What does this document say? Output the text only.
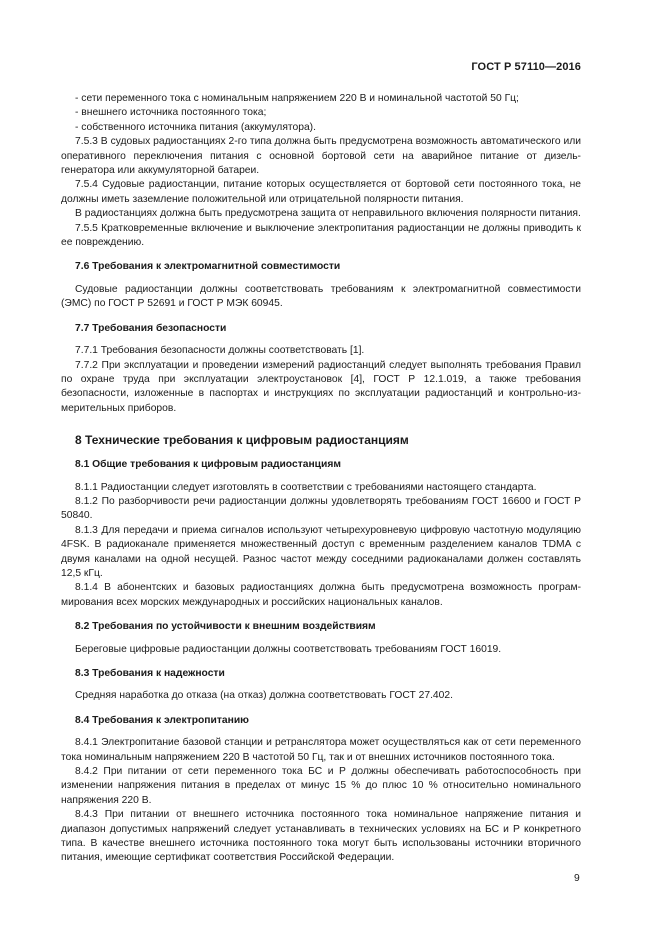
ГОСТ Р 57110—2016

- сети переменного тока с номинальным напряжением 220 В и номинальной частотой 50 Гц;

- внешнего источника постоянного тока;

- собственного источника питания (аккумулятора).

7.5.3 В судовых радиостанциях 2-го типа должна быть предусмотрена возможность автоматического или оперативного переключения питания с основной бортовой сети на аварийное питание от дизель-генератора или аккумуляторной батареи.

7.5.4 Судовые радиостанции, питание которых осуществляется от бортовой сети постоянного тока, не должны иметь заземление положительной или отрицательной полярности питания.

В радиостанциях должна быть предусмотрена защита от неправильного включения полярности питания.

7.5.5 Кратковременные включение и выключение электропитания радиостанции не должны приводить к ее повреждению.

7.6 Требования к электромагнитной совместимости

Судовые радиостанции должны соответствовать требованиям к электромагнитной совместимости (ЭМС) по ГОСТ Р 52691 и ГОСТ Р МЭК 60945.

7.7 Требования безопасности

7.7.1 Требования безопасности должны соответствовать [1].

7.7.2 При эксплуатации и проведении измерений радиостанций следует выполнять требования Правил по охране труда при эксплуатации электроустановок [4], ГОСТ Р 12.1.019, а также требования безопасности, изложенные в паспортах и инструкциях по эксплуатации радиостанций и контрольно-измерительных приборов.

8 Технические требования к цифровым радиостанциям

8.1 Общие требования к цифровым радиостанциям

8.1.1 Радиостанции следует изготовлять в соответствии с требованиями настоящего стандарта.

8.1.2 По разборчивости речи радиостанции должны удовлетворять требованиям ГОСТ 16600 и ГОСТ Р 50840.

8.1.3 Для передачи и приема сигналов используют четырехуровневую цифровую частотную модуляцию 4FSK. В радиоканале применяется множественный доступ с временным разделением каналов TDMA с двумя каналами на одной несущей. Разнос частот между соседними радиоканалами должен составлять 12,5 кГц.

8.1.4 В абонентских и базовых радиостанциях должна быть предусмотрена возможность программирования всех морских международных и российских национальных каналов.

8.2 Требования по устойчивости к внешним воздействиям

Береговые цифровые радиостанции должны соответствовать требованиям ГОСТ 16019.

8.3 Требования к надежности

Средняя наработка до отказа (на отказ) должна соответствовать ГОСТ 27.402.

8.4 Требования к электропитанию

8.4.1 Электропитание базовой станции и ретранслятора может осуществляться как от сети переменного тока номинальным напряжением 220 В частотой 50 Гц, так и от внешних источников постоянного тока.

8.4.2 При питании от сети переменного тока БС и Р должны обеспечивать работоспособность при изменении напряжения питания в пределах от минус 15 % до плюс 10 % относительно номинального напряжения 220 В.

8.4.3 При питании от внешнего источника постоянного тока номинальное напряжение питания и диапазон допустимых напряжений следует устанавливать в технических условиях на БС и Р конкретного типа. В качестве внешнего источника постоянного тока могут быть использованы источники вторичного питания, имеющие сертификат соответствия Российской Федерации.

9
